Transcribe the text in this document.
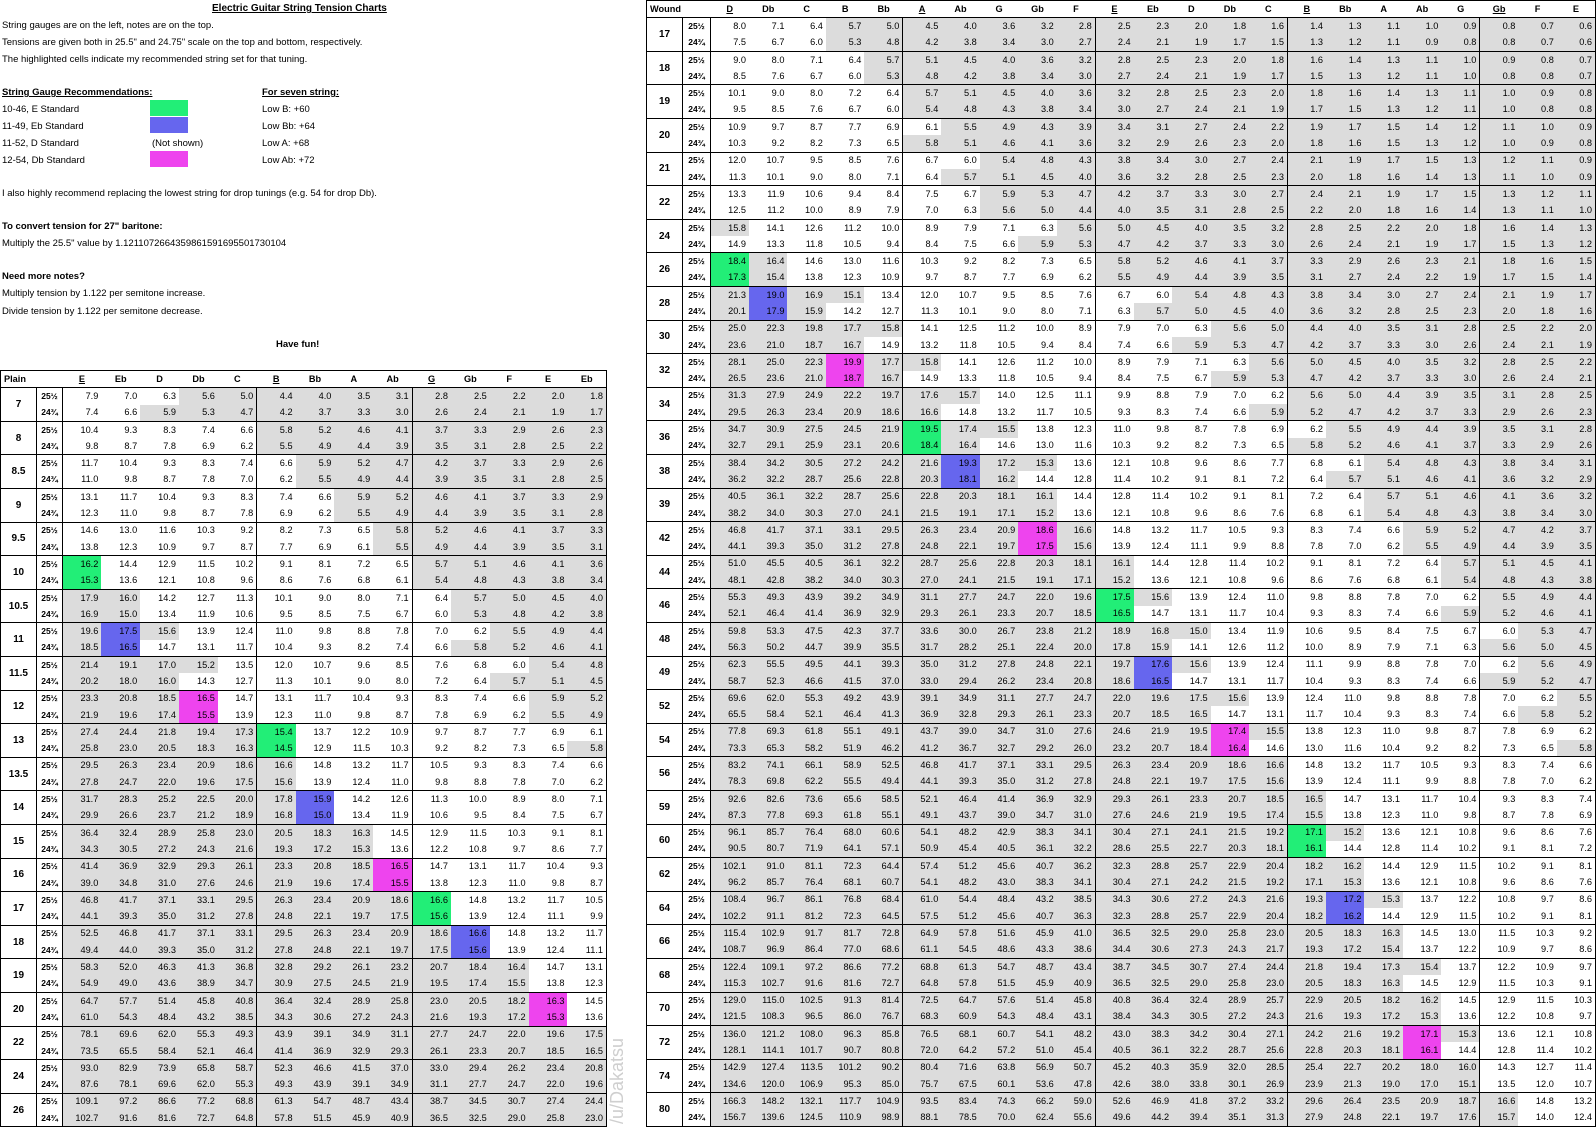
Electric Guitar String Tension Charts
String gauges are on the left, notes are on the top.
Tensions are given both in 25.5" and 24.75" scale on the top and bottom, respectively.
The highlighted cells indicate my recommended string set for that tuning.
String Gauge Recommendations:
10-46, E Standard
11-49, Eb Standard
11-52, D Standard	(Not shown)
12-54, Db Standard
For seven string:
Low B: +60
Low Bb: +64
Low A: +68
Low Ab: +72
I also highly recommend replacing the lowest string for drop tunings (e.g. 54 for drop Db).
To convert tension for 27" baritone:
Multiply the 25.5" value by 1.1211072664359861591695501730104
Need more notes?
Multiply tension by 1.122 per semitone increase.
Divide tension by 1.122 per semitone decrease.
Have fun!
Plain		E	Eb	D	Db	C	B	Bb	A	Ab	G	Gb	F	E	Eb
7	25½	7.9	7.0	6.3	5.6	5.0	4.4	4.0	3.5	3.1	2.8	2.5	2.2	2.0	1.8
	24¾	7.4	6.6	5.9	5.3	4.7	4.2	3.7	3.3	3.0	2.6	2.4	2.1	1.9	1.7
8	25½	10.4	9.3	8.3	7.4	6.6	5.8	5.2	4.6	4.1	3.7	3.3	2.9	2.6	2.3
	24¾	9.8	8.7	7.8	6.9	6.2	5.5	4.9	4.4	3.9	3.5	3.1	2.8	2.5	2.2
8.5	25½	11.7	10.4	9.3	8.3	7.4	6.6	5.9	5.2	4.7	4.2	3.7	3.3	2.9	2.6
	24¾	11.0	9.8	8.7	7.8	7.0	6.2	5.5	4.9	4.4	3.9	3.5	3.1	2.8	2.5
9	25½	13.1	11.7	10.4	9.3	8.3	7.4	6.6	5.9	5.2	4.6	4.1	3.7	3.3	2.9
	24¾	12.3	11.0	9.8	8.7	7.8	6.9	6.2	5.5	4.9	4.4	3.9	3.5	3.1	2.8
9.5	25½	14.6	13.0	11.6	10.3	9.2	8.2	7.3	6.5	5.8	5.2	4.6	4.1	3.7	3.3
	24¾	13.8	12.3	10.9	9.7	8.7	7.7	6.9	6.1	5.5	4.9	4.4	3.9	3.5	3.1
10	25½	16.2	14.4	12.9	11.5	10.2	9.1	8.1	7.2	6.5	5.7	5.1	4.6	4.1	3.6
	24¾	15.3	13.6	12.1	10.8	9.6	8.6	7.6	6.8	6.1	5.4	4.8	4.3	3.8	3.4
10.5	25½	17.9	16.0	14.2	12.7	11.3	10.1	9.0	8.0	7.1	6.4	5.7	5.0	4.5	4.0
	24¾	16.9	15.0	13.4	11.9	10.6	9.5	8.5	7.5	6.7	6.0	5.3	4.8	4.2	3.8
11	25½	19.6	17.5	15.6	13.9	12.4	11.0	9.8	8.8	7.8	7.0	6.2	5.5	4.9	4.4
	24¾	18.5	16.5	14.7	13.1	11.7	10.4	9.3	8.2	7.4	6.6	5.8	5.2	4.6	4.1
11.5	25½	21.4	19.1	17.0	15.2	13.5	12.0	10.7	9.6	8.5	7.6	6.8	6.0	5.4	4.8
	24¾	20.2	18.0	16.0	14.3	12.7	11.3	10.1	9.0	8.0	7.2	6.4	5.7	5.1	4.5
12	25½	23.3	20.8	18.5	16.5	14.7	13.1	11.7	10.4	9.3	8.3	7.4	6.6	5.9	5.2
	24¾	21.9	19.6	17.4	15.5	13.9	12.3	11.0	9.8	8.7	7.8	6.9	6.2	5.5	4.9
13	25½	27.4	24.4	21.8	19.4	17.3	15.4	13.7	12.2	10.9	9.7	8.7	7.7	6.9	6.1
	24¾	25.8	23.0	20.5	18.3	16.3	14.5	12.9	11.5	10.3	9.2	8.2	7.3	6.5	5.8
13.5	25½	29.5	26.3	23.4	20.9	18.6	16.6	14.8	13.2	11.7	10.5	9.3	8.3	7.4	6.6
	24¾	27.8	24.7	22.0	19.6	17.5	15.6	13.9	12.4	11.0	9.8	8.8	7.8	7.0	6.2
14	25½	31.7	28.3	25.2	22.5	20.0	17.8	15.9	14.2	12.6	11.3	10.0	8.9	8.0	7.1
	24¾	29.9	26.6	23.7	21.2	18.9	16.8	15.0	13.4	11.9	10.6	9.5	8.4	7.5	6.7
15	25½	36.4	32.4	28.9	25.8	23.0	20.5	18.3	16.3	14.5	12.9	11.5	10.3	9.1	8.1
	24¾	34.3	30.5	27.2	24.3	21.6	19.3	17.2	15.3	13.6	12.2	10.8	9.7	8.6	7.7
16	25½	41.4	36.9	32.9	29.3	26.1	23.3	20.8	18.5	16.5	14.7	13.1	11.7	10.4	9.3
	24¾	39.0	34.8	31.0	27.6	24.6	21.9	19.6	17.4	15.5	13.8	12.3	11.0	9.8	8.7
17	25½	46.8	41.7	37.1	33.1	29.5	26.3	23.4	20.9	18.6	16.6	14.8	13.2	11.7	10.5
	24¾	44.1	39.3	35.0	31.2	27.8	24.8	22.1	19.7	17.5	15.6	13.9	12.4	11.1	9.9
18	25½	52.5	46.8	41.7	37.1	33.1	29.5	26.3	23.4	20.9	18.6	16.6	14.8	13.2	11.7
	24¾	49.4	44.0	39.3	35.0	31.2	27.8	24.8	22.1	19.7	17.5	15.6	13.9	12.4	11.1
19	25½	58.3	52.0	46.3	41.3	36.8	32.8	29.2	26.1	23.2	20.7	18.4	16.4	14.7	13.1
	24¾	54.9	49.0	43.6	38.9	34.7	30.9	27.5	24.5	21.9	19.5	17.4	15.5	13.8	12.3
20	25½	64.7	57.7	51.4	45.8	40.8	36.4	32.4	28.9	25.8	23.0	20.5	18.2	16.3	14.5
	24¾	61.0	54.3	48.4	43.2	38.5	34.3	30.6	27.2	24.3	21.6	19.3	17.2	15.3	13.6
22	25½	78.1	69.6	62.0	55.3	49.3	43.9	39.1	34.9	31.1	27.7	24.7	22.0	19.6	17.5
	24¾	73.5	65.5	58.4	52.1	46.4	41.4	36.9	32.9	29.3	26.1	23.3	20.7	18.5	16.5
24	25½	93.0	82.9	73.9	65.8	58.7	52.3	46.6	41.5	37.0	33.0	29.4	26.2	23.4	20.8
	24¾	87.6	78.1	69.6	62.0	55.3	49.3	43.9	39.1	34.9	31.1	27.7	24.7	22.0	19.6
26	25½	109.1	97.2	86.6	77.2	68.8	61.3	54.7	48.7	43.4	38.7	34.5	30.7	27.4	24.4
	24¾	102.7	91.6	81.6	72.7	64.8	57.8	51.5	45.9	40.9	36.5	32.5	29.0	25.8	23.0
Wound		D	Db	C	B	Bb	A	Ab	G	Gb	F	E	Eb	D	Db	C	B	Bb	A	Ab	G	Gb	F	E
17	25½	8.0	7.1	6.4	5.7	5.0	4.5	4.0	3.6	3.2	2.8	2.5	2.3	2.0	1.8	1.6	1.4	1.3	1.1	1.0	0.9	0.8	0.7	0.6
	24¾	7.5	6.7	6.0	5.3	4.8	4.2	3.8	3.4	3.0	2.7	2.4	2.1	1.9	1.7	1.5	1.3	1.2	1.1	0.9	0.8	0.8	0.7	0.6
18	25½	9.0	8.0	7.1	6.4	5.7	5.1	4.5	4.0	3.6	3.2	2.8	2.5	2.3	2.0	1.8	1.6	1.4	1.3	1.1	1.0	0.9	0.8	0.7
	24¾	8.5	7.6	6.7	6.0	5.3	4.8	4.2	3.8	3.4	3.0	2.7	2.4	2.1	1.9	1.7	1.5	1.3	1.2	1.1	1.0	0.8	0.8	0.7
19	25½	10.1	9.0	8.0	7.2	6.4	5.7	5.1	4.5	4.0	3.6	3.2	2.8	2.5	2.3	2.0	1.8	1.6	1.4	1.3	1.1	1.0	0.9	0.8
	24¾	9.5	8.5	7.6	6.7	6.0	5.4	4.8	4.3	3.8	3.4	3.0	2.7	2.4	2.1	1.9	1.7	1.5	1.3	1.2	1.1	1.0	0.8	0.8
20	25½	10.9	9.7	8.7	7.7	6.9	6.1	5.5	4.9	4.3	3.9	3.4	3.1	2.7	2.4	2.2	1.9	1.7	1.5	1.4	1.2	1.1	1.0	0.9
	24¾	10.3	9.2	8.2	7.3	6.5	5.8	5.1	4.6	4.1	3.6	3.2	2.9	2.6	2.3	2.0	1.8	1.6	1.5	1.3	1.2	1.0	0.9	0.8
21	25½	12.0	10.7	9.5	8.5	7.6	6.7	6.0	5.4	4.8	4.3	3.8	3.4	3.0	2.7	2.4	2.1	1.9	1.7	1.5	1.3	1.2	1.1	0.9
	24¾	11.3	10.1	9.0	8.0	7.1	6.4	5.7	5.1	4.5	4.0	3.6	3.2	2.8	2.5	2.3	2.0	1.8	1.6	1.4	1.3	1.1	1.0	0.9
22	25½	13.3	11.9	10.6	9.4	8.4	7.5	6.7	5.9	5.3	4.7	4.2	3.7	3.3	3.0	2.7	2.4	2.1	1.9	1.7	1.5	1.3	1.2	1.1
	24¾	12.5	11.2	10.0	8.9	7.9	7.0	6.3	5.6	5.0	4.4	4.0	3.5	3.1	2.8	2.5	2.2	2.0	1.8	1.6	1.4	1.3	1.1	1.0
24	25½	15.8	14.1	12.6	11.2	10.0	8.9	7.9	7.1	6.3	5.6	5.0	4.5	4.0	3.5	3.2	2.8	2.5	2.2	2.0	1.8	1.6	1.4	1.3
	24¾	14.9	13.3	11.8	10.5	9.4	8.4	7.5	6.6	5.9	5.3	4.7	4.2	3.7	3.3	3.0	2.6	2.4	2.1	1.9	1.7	1.5	1.3	1.2
26	25½	18.4	16.4	14.6	13.0	11.6	10.3	9.2	8.2	7.3	6.5	5.8	5.2	4.6	4.1	3.7	3.3	2.9	2.6	2.3	2.1	1.8	1.6	1.5
	24¾	17.3	15.4	13.8	12.3	10.9	9.7	8.7	7.7	6.9	6.2	5.5	4.9	4.4	3.9	3.5	3.1	2.7	2.4	2.2	1.9	1.7	1.5	1.4
28	25½	21.3	19.0	16.9	15.1	13.4	12.0	10.7	9.5	8.5	7.6	6.7	6.0	5.4	4.8	4.3	3.8	3.4	3.0	2.7	2.4	2.1	1.9	1.7
	24¾	20.1	17.9	15.9	14.2	12.7	11.3	10.1	9.0	8.0	7.1	6.3	5.7	5.0	4.5	4.0	3.6	3.2	2.8	2.5	2.3	2.0	1.8	1.6
30	25½	25.0	22.3	19.8	17.7	15.8	14.1	12.5	11.2	10.0	8.9	7.9	7.0	6.3	5.6	5.0	4.4	4.0	3.5	3.1	2.8	2.5	2.2	2.0
	24¾	23.6	21.0	18.7	16.7	14.9	13.2	11.8	10.5	9.4	8.4	7.4	6.6	5.9	5.3	4.7	4.2	3.7	3.3	3.0	2.6	2.4	2.1	1.9
32	25½	28.1	25.0	22.3	19.9	17.7	15.8	14.1	12.6	11.2	10.0	8.9	7.9	7.1	6.3	5.6	5.0	4.5	4.0	3.5	3.2	2.8	2.5	2.2
	24¾	26.5	23.6	21.0	18.7	16.7	14.9	13.3	11.8	10.5	9.4	8.4	7.5	6.7	5.9	5.3	4.7	4.2	3.7	3.3	3.0	2.6	2.4	2.1
34	25½	31.3	27.9	24.9	22.2	19.7	17.6	15.7	14.0	12.5	11.1	9.9	8.8	7.9	7.0	6.2	5.6	5.0	4.4	3.9	3.5	3.1	2.8	2.5
	24¾	29.5	26.3	23.4	20.9	18.6	16.6	14.8	13.2	11.7	10.5	9.3	8.3	7.4	6.6	5.9	5.2	4.7	4.2	3.7	3.3	2.9	2.6	2.3
36	25½	34.7	30.9	27.5	24.5	21.9	19.5	17.4	15.5	13.8	12.3	11.0	9.8	8.7	7.8	6.9	6.2	5.5	4.9	4.4	3.9	3.5	3.1	2.8
	24¾	32.7	29.1	25.9	23.1	20.6	18.4	16.4	14.6	13.0	11.6	10.3	9.2	8.2	7.3	6.5	5.8	5.2	4.6	4.1	3.7	3.3	2.9	2.6
38	25½	38.4	34.2	30.5	27.2	24.2	21.6	19.3	17.2	15.3	13.6	12.1	10.8	9.6	8.6	7.7	6.8	6.1	5.4	4.8	4.3	3.8	3.4	3.1
	24¾	36.2	32.2	28.7	25.6	22.8	20.3	18.1	16.2	14.4	12.8	11.4	10.2	9.1	8.1	7.2	6.4	5.7	5.1	4.6	4.1	3.6	3.2	2.9
39	25½	40.5	36.1	32.2	28.7	25.6	22.8	20.3	18.1	16.1	14.4	12.8	11.4	10.2	9.1	8.1	7.2	6.4	5.7	5.1	4.6	4.1	3.6	3.2
	24¾	38.2	34.0	30.3	27.0	24.1	21.5	19.1	17.1	15.2	13.6	12.1	10.8	9.6	8.6	7.6	6.8	6.1	5.4	4.8	4.3	3.8	3.4	3.0
42	25½	46.8	41.7	37.1	33.1	29.5	26.3	23.4	20.9	18.6	16.6	14.8	13.2	11.7	10.5	9.3	8.3	7.4	6.6	5.9	5.2	4.7	4.2	3.7
	24¾	44.1	39.3	35.0	31.2	27.8	24.8	22.1	19.7	17.5	15.6	13.9	12.4	11.1	9.9	8.8	7.8	7.0	6.2	5.5	4.9	4.4	3.9	3.5
44	25½	51.0	45.5	40.5	36.1	32.2	28.7	25.6	22.8	20.3	18.1	16.1	14.4	12.8	11.4	10.2	9.1	8.1	7.2	6.4	5.7	5.1	4.5	4.1
	24¾	48.1	42.8	38.2	34.0	30.3	27.0	24.1	21.5	19.1	17.1	15.2	13.6	12.1	10.8	9.6	8.6	7.6	6.8	6.1	5.4	4.8	4.3	3.8
46	25½	55.3	49.3	43.9	39.2	34.9	31.1	27.7	24.7	22.0	19.6	17.5	15.6	13.9	12.4	11.0	9.8	8.8	7.8	7.0	6.2	5.5	4.9	4.4
	24¾	52.1	46.4	41.4	36.9	32.9	29.3	26.1	23.3	20.7	18.5	16.5	14.7	13.1	11.7	10.4	9.3	8.3	7.4	6.6	5.9	5.2	4.6	4.1
48	25½	59.8	53.3	47.5	42.3	37.7	33.6	30.0	26.7	23.8	21.2	18.9	16.8	15.0	13.4	11.9	10.6	9.5	8.4	7.5	6.7	6.0	5.3	4.7
	24¾	56.3	50.2	44.7	39.9	35.5	31.7	28.2	25.1	22.4	20.0	17.8	15.9	14.1	12.6	11.2	10.0	8.9	7.9	7.1	6.3	5.6	5.0	4.5
49	25½	62.3	55.5	49.5	44.1	39.3	35.0	31.2	27.8	24.8	22.1	19.7	17.6	15.6	13.9	12.4	11.1	9.9	8.8	7.8	7.0	6.2	5.6	4.9
	24¾	58.7	52.3	46.6	41.5	37.0	33.0	29.4	26.2	23.4	20.8	18.6	16.5	14.7	13.1	11.7	10.4	9.3	8.3	7.4	6.6	5.9	5.2	4.7
52	25½	69.6	62.0	55.3	49.2	43.9	39.1	34.9	31.1	27.7	24.7	22.0	19.6	17.5	15.6	13.9	12.4	11.0	9.8	8.8	7.8	7.0	6.2	5.5
	24¾	65.5	58.4	52.1	46.4	41.3	36.9	32.8	29.3	26.1	23.3	20.7	18.5	16.5	14.7	13.1	11.7	10.4	9.3	8.3	7.4	6.6	5.8	5.2
54	25½	77.8	69.3	61.8	55.1	49.1	43.7	39.0	34.7	31.0	27.6	24.6	21.9	19.5	17.4	15.5	13.8	12.3	11.0	9.8	8.7	7.8	6.9	6.2
	24¾	73.3	65.3	58.2	51.9	46.2	41.2	36.7	32.7	29.2	26.0	23.2	20.7	18.4	16.4	14.6	13.0	11.6	10.4	9.2	8.2	7.3	6.5	5.8
56	25½	83.2	74.1	66.1	58.9	52.5	46.8	41.7	37.1	33.1	29.5	26.3	23.4	20.9	18.6	16.6	14.8	13.2	11.7	10.5	9.3	8.3	7.4	6.6
	24¾	78.3	69.8	62.2	55.5	49.4	44.1	39.3	35.0	31.2	27.8	24.8	22.1	19.7	17.5	15.6	13.9	12.4	11.1	9.9	8.8	7.8	7.0	6.2
59	25½	92.6	82.6	73.6	65.6	58.5	52.1	46.4	41.4	36.9	32.9	29.3	26.1	23.3	20.7	18.5	16.5	14.7	13.1	11.7	10.4	9.3	8.3	7.4
	24¾	87.3	77.8	69.3	61.8	55.1	49.1	43.7	39.0	34.7	31.0	27.6	24.6	21.9	19.5	17.4	15.5	13.8	12.3	11.0	9.8	8.7	7.8	6.9
60	25½	96.1	85.7	76.4	68.0	60.6	54.1	48.2	42.9	38.3	34.1	30.4	27.1	24.1	21.5	19.2	17.1	15.2	13.6	12.1	10.8	9.6	8.6	7.6
	24¾	90.5	80.7	71.9	64.1	57.1	50.9	45.4	40.5	36.1	32.2	28.6	25.5	22.7	20.3	18.1	16.1	14.4	12.8	11.4	10.2	9.1	8.1	7.2
62	25½	102.1	91.0	81.1	72.3	64.4	57.4	51.2	45.6	40.7	36.2	32.3	28.8	25.7	22.9	20.4	18.2	16.2	14.4	12.9	11.5	10.2	9.1	8.1
	24¾	96.2	85.7	76.4	68.1	60.7	54.1	48.2	43.0	38.3	34.1	30.4	27.1	24.2	21.5	19.2	17.1	15.3	13.6	12.1	10.8	9.6	8.6	7.6
64	25½	108.4	96.7	86.1	76.8	68.4	61.0	54.4	48.4	43.2	38.5	34.3	30.6	27.2	24.3	21.6	19.3	17.2	15.3	13.7	12.2	10.8	9.7	8.6
	24¾	102.2	91.1	81.2	72.3	64.5	57.5	51.2	45.6	40.7	36.3	32.3	28.8	25.7	22.9	20.4	18.2	16.2	14.4	12.9	11.5	10.2	9.1	8.1
66	25½	115.4	102.9	91.7	81.7	72.8	64.9	57.8	51.6	45.9	41.0	36.5	32.5	29.0	25.8	23.0	20.5	18.3	16.3	14.5	13.0	11.5	10.3	9.2
	24¾	108.7	96.9	86.4	77.0	68.6	61.1	54.5	48.6	43.3	38.6	34.4	30.6	27.3	24.3	21.7	19.3	17.2	15.4	13.7	12.2	10.9	9.7	8.6
68	25½	122.4	109.1	97.2	86.6	77.2	68.8	61.3	54.7	48.7	43.4	38.7	34.5	30.7	27.4	24.4	21.8	19.4	17.3	15.4	13.7	12.2	10.9	9.7
	24¾	115.3	102.7	91.6	81.6	72.7	64.8	57.8	51.5	45.9	40.9	36.5	32.5	29.0	25.8	23.0	20.5	18.3	16.3	14.5	12.9	11.5	10.3	9.1
70	25½	129.0	115.0	102.5	91.3	81.4	72.5	64.7	57.6	51.4	45.8	40.8	36.4	32.4	28.9	25.7	22.9	20.5	18.2	16.2	14.5	12.9	11.5	10.3
	24¾	121.5	108.3	96.5	86.0	76.7	68.3	60.9	54.3	48.4	43.1	38.4	34.3	30.5	27.2	24.3	21.6	19.3	17.2	15.3	13.6	12.2	10.8	9.7
72	25½	136.0	121.2	108.0	96.3	85.8	76.5	68.1	60.7	54.1	48.2	43.0	38.3	34.2	30.4	27.1	24.2	21.6	19.2	17.1	15.3	13.6	12.1	10.8
	24¾	128.1	114.1	101.7	90.7	80.8	72.0	64.2	57.2	51.0	45.4	40.5	36.1	32.2	28.7	25.6	22.8	20.3	18.1	16.1	14.4	12.8	11.4	10.2
74	25½	142.9	127.4	113.5	101.2	90.2	80.4	71.6	63.8	56.9	50.7	45.2	40.3	35.9	32.0	28.5	25.4	22.7	20.2	18.0	16.0	14.3	12.7	11.4
	24¾	134.6	120.0	106.9	95.3	85.0	75.7	67.5	60.1	53.6	47.8	42.6	38.0	33.8	30.1	26.9	23.9	21.3	19.0	17.0	15.1	13.5	12.0	10.7
80	25½	166.3	148.2	132.1	117.7	104.9	93.5	83.4	74.3	66.2	59.0	52.6	46.9	41.8	37.2	33.2	29.6	26.4	23.5	20.9	18.7	16.6	14.8	13.2
	24¾	156.7	139.6	124.5	110.9	98.9	88.1	78.5	70.0	62.4	55.6	49.6	44.2	39.4	35.1	31.3	27.9	24.8	22.1	19.7	17.6	15.7	14.0	12.4
/u/Dakatsu
